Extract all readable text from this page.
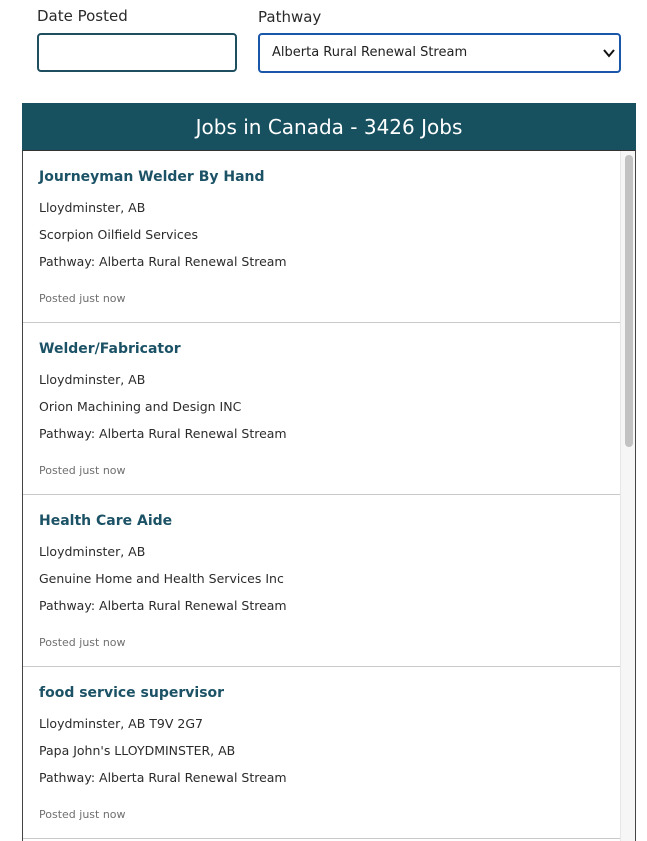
Date Posted	Pathway
Alberta Rural Renewal Stream
Jobs in Canada - 3426 Jobs
Journeyman Welder By Hand
Lloydminster, AB
Scorpion Oilfield Services
Pathway: Alberta Rural Renewal Stream
Posted just now
Welder/Fabricator
Lloydminster, AB
Orion Machining and Design INC
Pathway: Alberta Rural Renewal Stream
Posted just now
Health Care Aide
Lloydminster, AB
Genuine Home and Health Services Inc
Pathway: Alberta Rural Renewal Stream
Posted just now
food service supervisor
Lloydminster, AB T9V 2G7
Papa John's LLOYDMINSTER, AB
Pathway: Alberta Rural Renewal Stream
Posted just now
